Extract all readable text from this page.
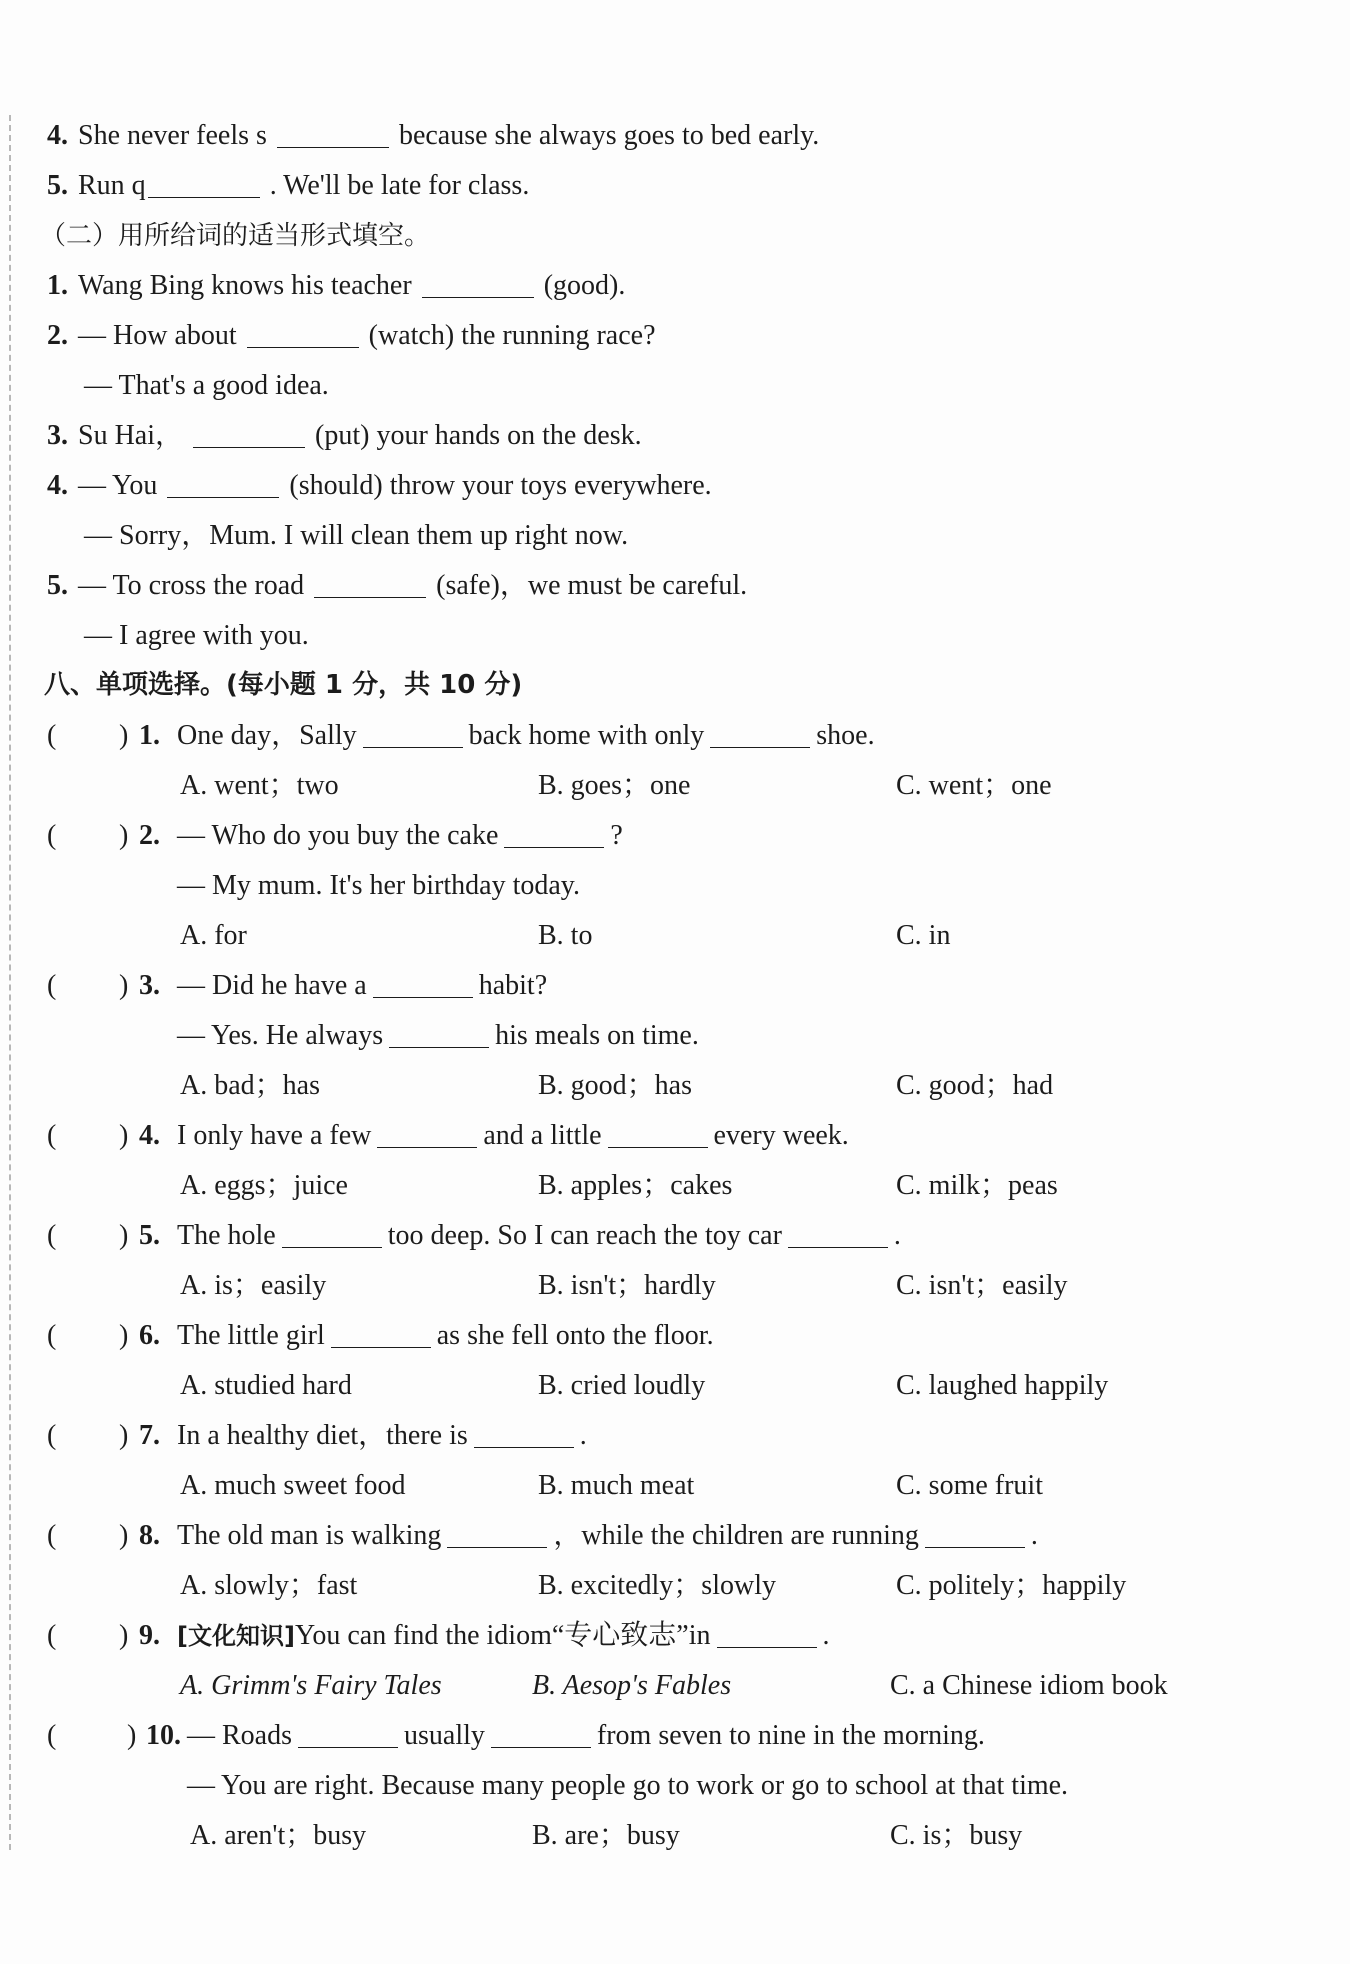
4. She never feels s	because she always goes to bed early.
5. Run q	. We'll be late for class.
（二）用所给词的适当形式填空。
1. Wang Bing knows his teacher	(good).
2. — How about	(watch) the running race?
— That's a good idea.
3. Su Hai，	(put) your hands on the desk.
4. — You	(should) throw your toys everywhere.
— Sorry，Mum. I will clean them up right now.
5. — To cross the road	(safe)，we must be careful.
— I agree with you.
八、单项选择。(每小题 1 分，共 10 分)
( ) 1. One day，Sally	back home with only	shoe.
A. went；two	B. goes；one	C. went；one
( ) 2. — Who do you buy the cake	?
— My mum. It's her birthday today.
A. for	B. to	C. in
( ) 3. — Did he have a	habit?
— Yes. He always	his meals on time.
A. bad；has	B. good；has	C. good；had
( ) 4. I only have a few	and a little	every week.
A. eggs；juice	B. apples；cakes	C. milk；peas
( ) 5. The hole	too deep. So I can reach the toy car	.
A. is；easily	B. isn't；hardly	C. isn't；easily
( ) 6. The little girl	as she fell onto the floor.
A. studied hard	B. cried loudly	C. laughed happily
( ) 7. In a healthy diet，there is	.
A. much sweet food	B. much meat	C. some fruit
( ) 8. The old man is walking	，while the children are running	.
A. slowly；fast	B. excitedly；slowly	C. politely；happily
( ) 9. [文化知识]You can find the idiom“专心致志”in	.
A. Grimm's Fairy Tales	B. Aesop's Fables	C. a Chinese idiom book
(	) 10. — Roads	usually	from seven to nine in the morning.
— You are right. Because many people go to work or go to school at that time.
A. aren't；busy	B. are；busy	C. is；busy
